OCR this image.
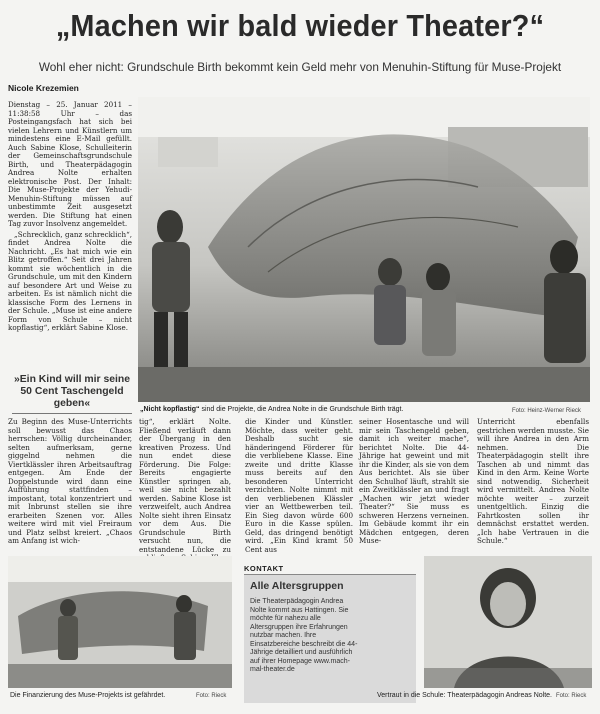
„Machen wir bald wieder Theater?“
Wohl eher nicht: Grundschule Birth bekommt kein Geld mehr von Menuhin-Stiftung für Muse-Projekt
Nicole Krezemien

Dienstag – 25. Januar 2011 – 11:38:58 Uhr – das Posteingangsfach hat sich bei vielen Lehrern und Künstlern um mindestens eine E-Mail gefüllt. Auch Sabine Klose, Schulleiterin der Gemeinschaftsgrundschule Birth, und Theaterpädagogin Andrea Nolte erhalten elektronische Post. Der Inhalt: Die Muse-Projekte der Yehudi-Menuhin-Stiftung müssen auf unbestimmte Zeit ausgesetzt werden. Die Stiftung hat einen Tag zuvor Insolvenz angemeldet.

„Schrecklich, ganz schrecklich“, findet Andrea Nolte die Nachricht. „Es hat mich wie ein Blitz getroffen.“ Seit drei Jahren kommt sie wöchentlich in die Grundschule, um mit den Kindern auf besondere Art und Weise zu arbeiten. Es ist nämlich nicht die klassische Form des Lernens in der Schule. „Muse ist eine andere Form von Schule – nicht kopflastig“, erklärt Sabine Klose.

»Ein Kind will mir seine 50 Cent Taschengeld geben«

Zu Beginn des Muse-Unterrichts soll bewusst das Chaos herrschen: Völlig durcheinander, selten aufmerksam, gerne giggelnd nehmen die Viertklässler ihren Arbeitsauftrag entgegen. Am Ende der Doppelstunde wird dann eine Aufführung stattfinden – impostant, total konzentriert und mit Inbrunst stellen sie ihre erarbeiten Szenen vor. Alles weitere wird mit viel Freiraum und Platz selbst kreiert. „Chaos am Anfang ist wich-

„Nicht kopflastig“ sind die Projekte, die Andrea Nolte in die Grundschule Birth trägt.	Foto: Heinz-Werner Rieck

tig“, erklärt Nolte. Fließend verläuft dann der Übergang in den kreativen Prozess. Und nun endet diese Förderung. Die Folge: Bereits engagierte Künstler springen ab, weil sie nicht bezahlt werden. Sabine Klose ist verzweifelt, auch Andrea Nolte sieht ihren Einsatz vor dem Aus. Die Grundschule Birth versucht nun, die entstandene Lücke zu

die Kinder und Künstler. Möchte, dass weiter geht. Deshalb sucht sie händeringend Förderer für die verbliebene Klasse. Eine zweite und dritte Klasse muss bereits auf den besonderen Unterricht verzichten. Nolte nimmt mit den verbliebenen Klässler vier an Wettbewerben teil. Ein Sieg davon würde 600 Euro in die Kasse spülen. Geld, das dringend benötigt wird. „Ein Kind kramt 50 Cent aus

seiner Hosentasche und will mir sein Taschengeld geben, damit ich weiter mache“, berichtet Nolte. Die 44-Jährige hat geweint und mit ihr die Kinder, als sie von dem Aus berichtet. Als sie über den Schulhof läuft, strahlt sie ein Zweitklässler an und fragt „Machen wir jetzt wieder Theater?“ Sie muss es schweren Herzens verneinen. Im Gebäude kommt ihr ein Mädchen entgegen, deren Muse-

Unterricht ebenfalls gestrichen werden musste. Sie will ihre Andrea in den Arm nehmen. Die Theaterpädagogin stellt ihre Taschen ab und nimmt das Kind in den Arm. Keine Worte sind notwendig. Sicherheit wird vermittelt. Andrea Nolte möchte weiter – zurzeit unentgeltlich. Einzig die Fahrtkosten sollen ihr demnächst erstattet werden. „Ich habe Vertrauen in die Schule.“

Die Finanzierung des Muse-Projekts ist gefährdet.	Foto: Rieck
KONTAKT
Alle Altersgruppen
Die Theaterpädagogin Andrea Nolte kommt aus Hattingen. Sie möchte für nahezu alle Altersgruppen ihre Erfahrungen nutzbar machen. Ihre Einsatzbereiche beschreibt die 44-Jährige detailliert und ausführlich auf ihrer Homepage www.mach-mal-theater.de
Vertraut in die Schule: Theaterpädagogin Andreas Nolte. Foto: Rieck
